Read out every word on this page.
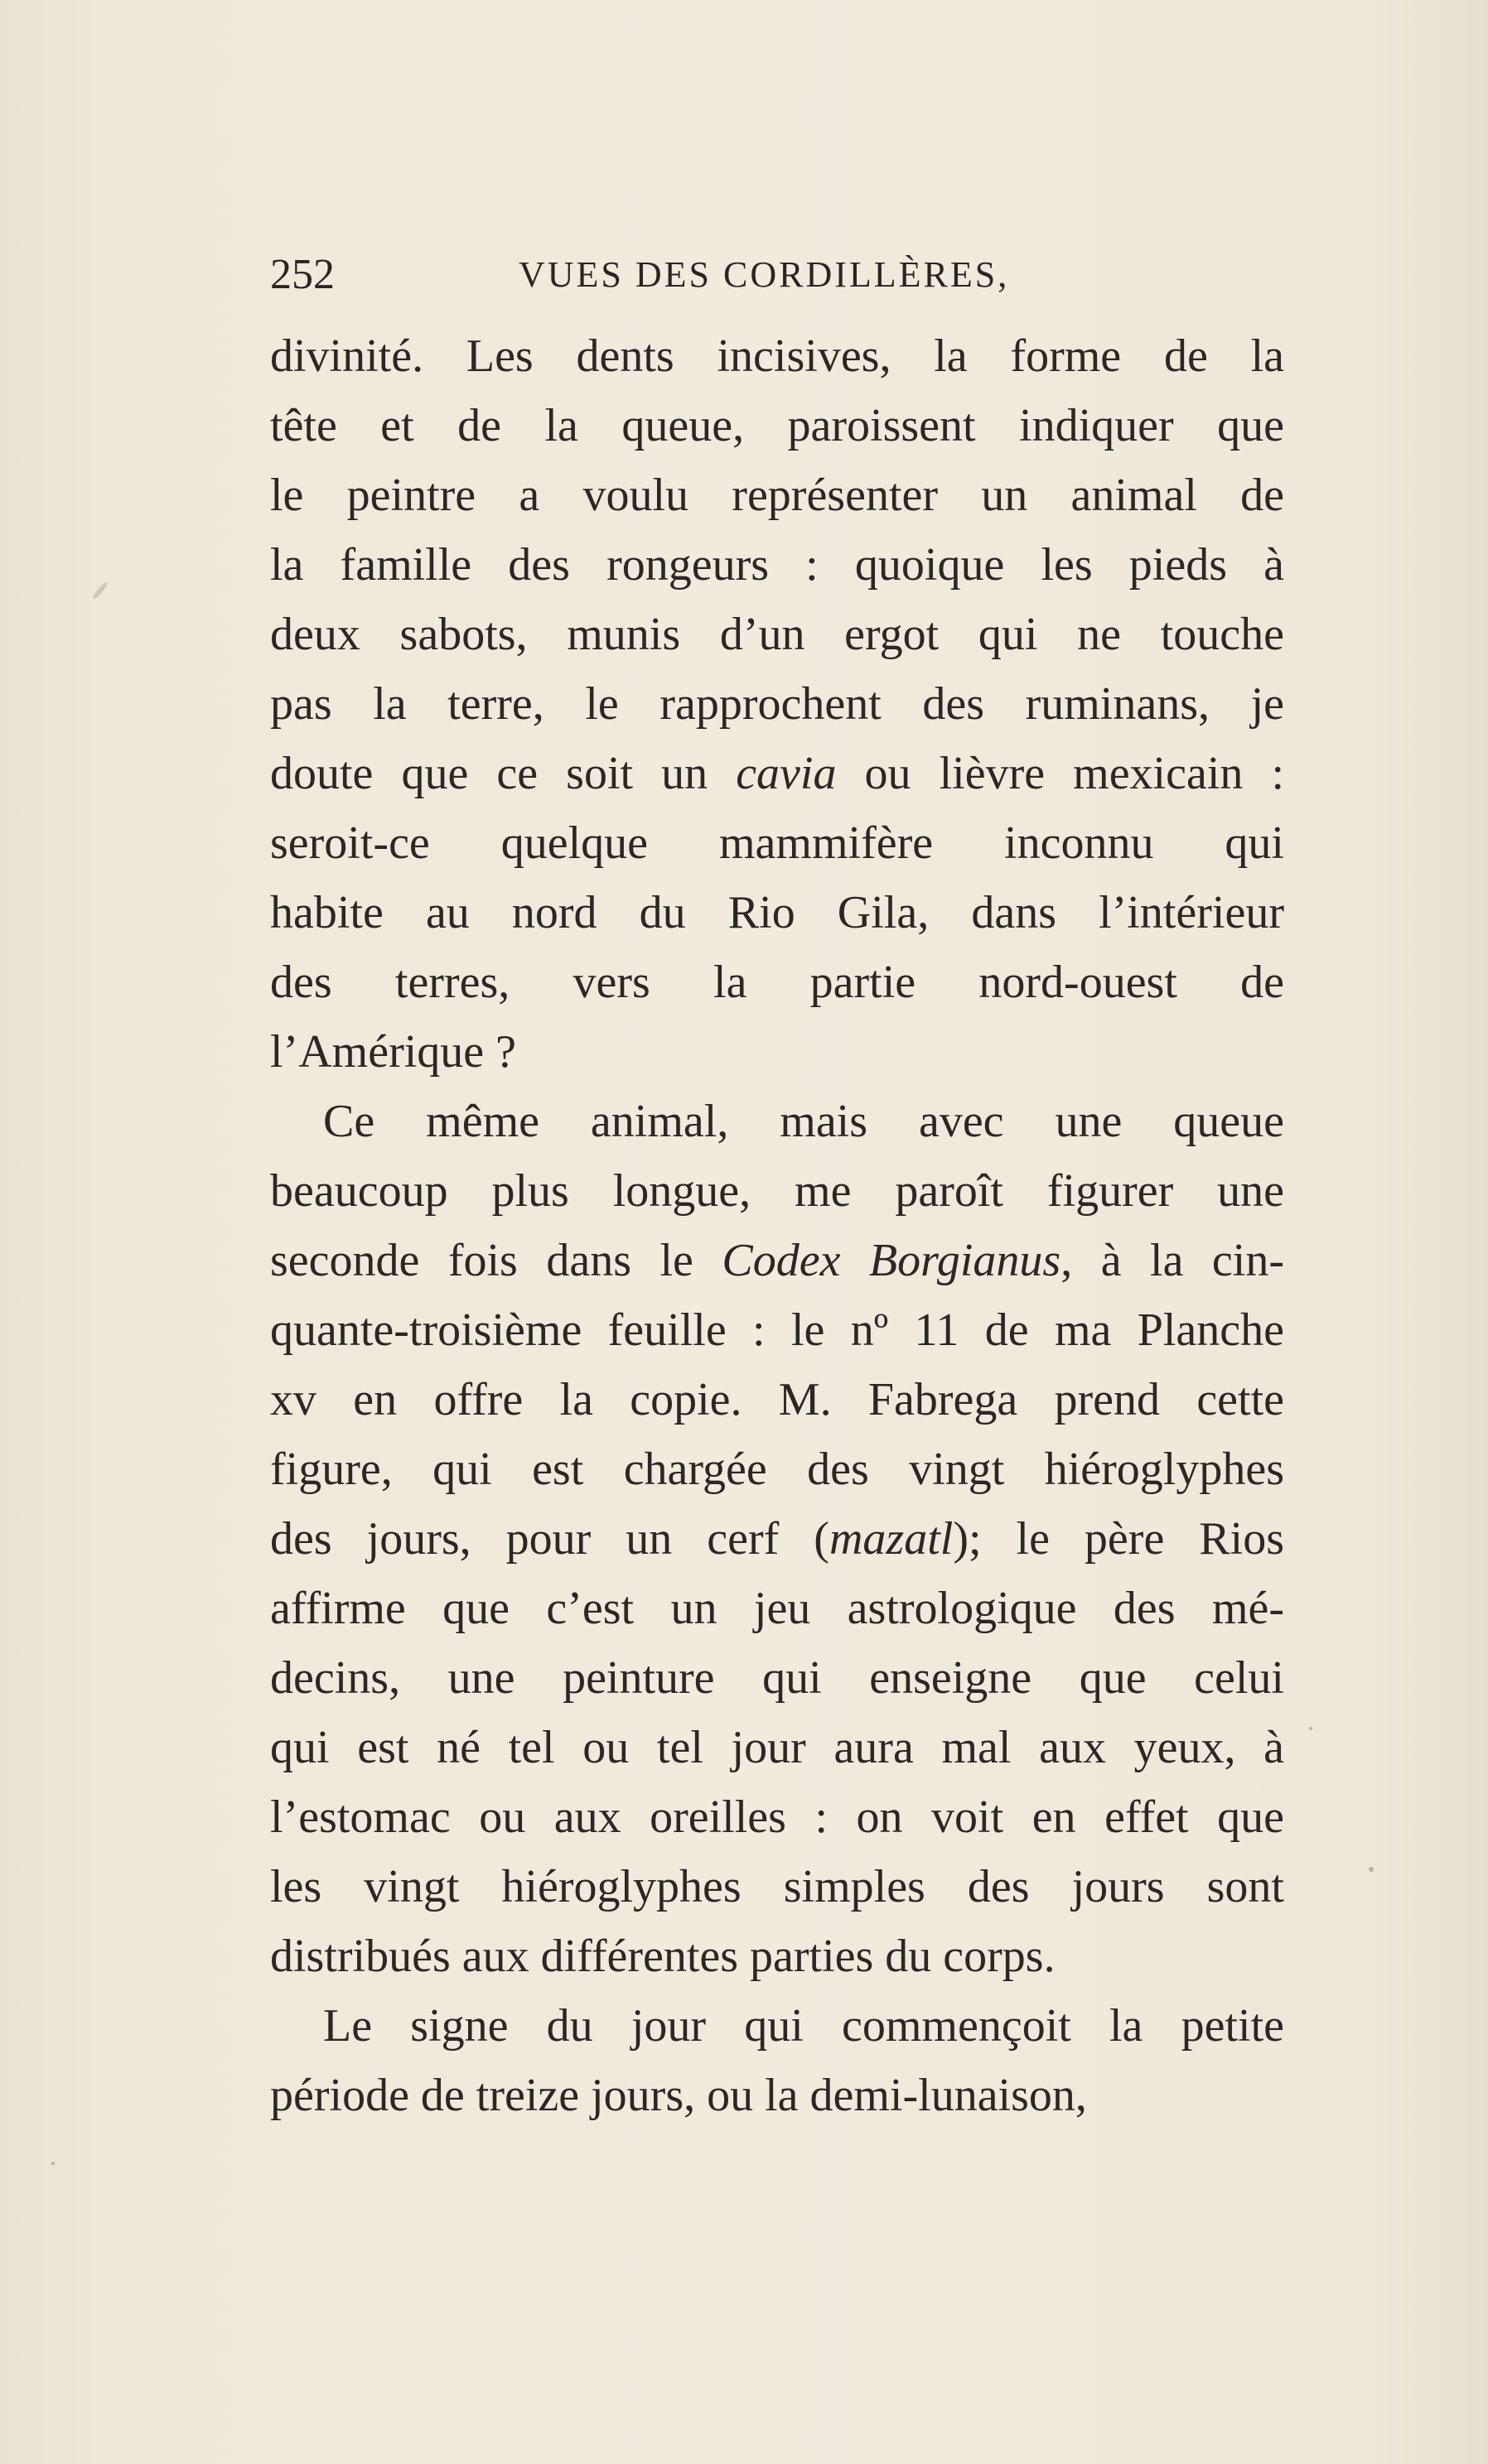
252	VUES DES CORDILLÈRES,
divinité. Les dents incisives, la forme de la
tête et de la queue, paroissent indiquer que
le peintre a voulu représenter un animal de
la famille des rongeurs : quoique les pieds à
deux sabots, munis d’un ergot qui ne touche
pas la terre, le rapprochent des ruminans, je
doute que ce soit un cavia ou lièvre mexicain :
seroit-ce quelque mammifère inconnu qui
habite au nord du Rio Gila, dans l’intérieur
des terres, vers la partie nord-ouest de
l’Amérique ?
Ce même animal, mais avec une queue
beaucoup plus longue, me paroît figurer une
seconde fois dans le Codex Borgianus, à la cin-
quante-troisième feuille : le nº 11 de ma Planche
xv en offre la copie. M. Fabrega prend cette
figure, qui est chargée des vingt hiéroglyphes
des jours, pour un cerf (mazatl); le père Rios
affirme que c’est un jeu astrologique des mé-
decins, une peinture qui enseigne que celui
qui est né tel ou tel jour aura mal aux yeux, à
l’estomac ou aux oreilles : on voit en effet que
les vingt hiéroglyphes simples des jours sont
distribués aux différentes parties du corps.
Le signe du jour qui commençoit la petite
période de treize jours, ou la demi-lunaison,
